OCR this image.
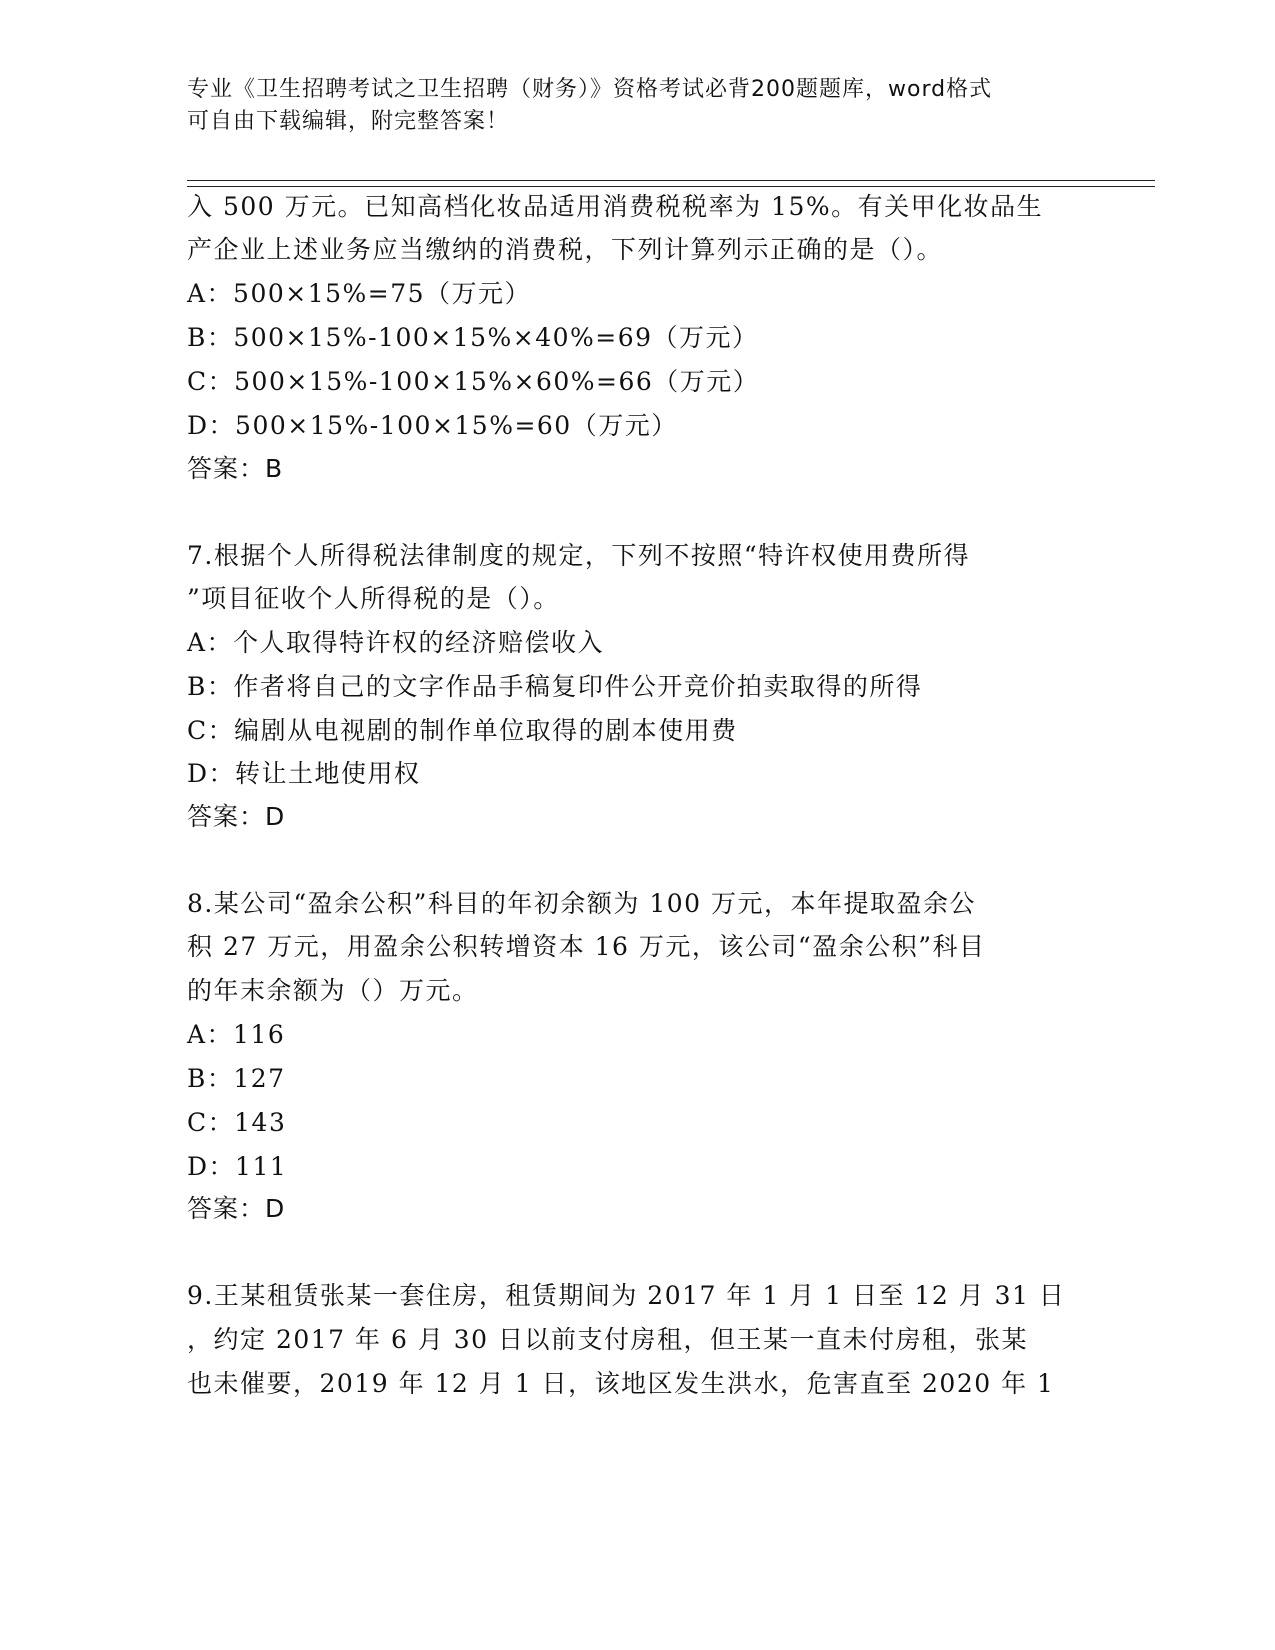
专业《卫生招聘考试之卫生招聘（财务）》资格考试必背200题题库，word格式
可自由下载编辑，附完整答案！
入 500 万元。已知高档化妆品适用消费税税率为 15%。有关甲化妆品生
产企业上述业务应当缴纳的消费税，下列计算列示正确的是（）。
A：500×15%=75（万元）
B：500×15%-100×15%×40%=69（万元）
C：500×15%-100×15%×60%=66（万元）
D：500×15%-100×15%=60（万元）
答案：B
7.根据个人所得税法律制度的规定，下列不按照“特许权使用费所得
”项目征收个人所得税的是（）。
A：个人取得特许权的经济赔偿收入
B：作者将自己的文字作品手稿复印件公开竞价拍卖取得的所得
C：编剧从电视剧的制作单位取得的剧本使用费
D：转让土地使用权
答案：D
8.某公司“盈余公积”科目的年初余额为 100 万元，本年提取盈余公
积 27 万元，用盈余公积转增资本 16 万元，该公司“盈余公积”科目
的年末余额为（）万元。
A：116
B：127
C：143
D：111
答案：D
9.王某租赁张某一套住房，租赁期间为 2017 年 1 月 1 日至 12 月 31 日
，约定 2017 年 6 月 30 日以前支付房租，但王某一直未付房租，张某
也未催要，2019 年 12 月 1 日，该地区发生洪水，危害直至 2020 年 1
